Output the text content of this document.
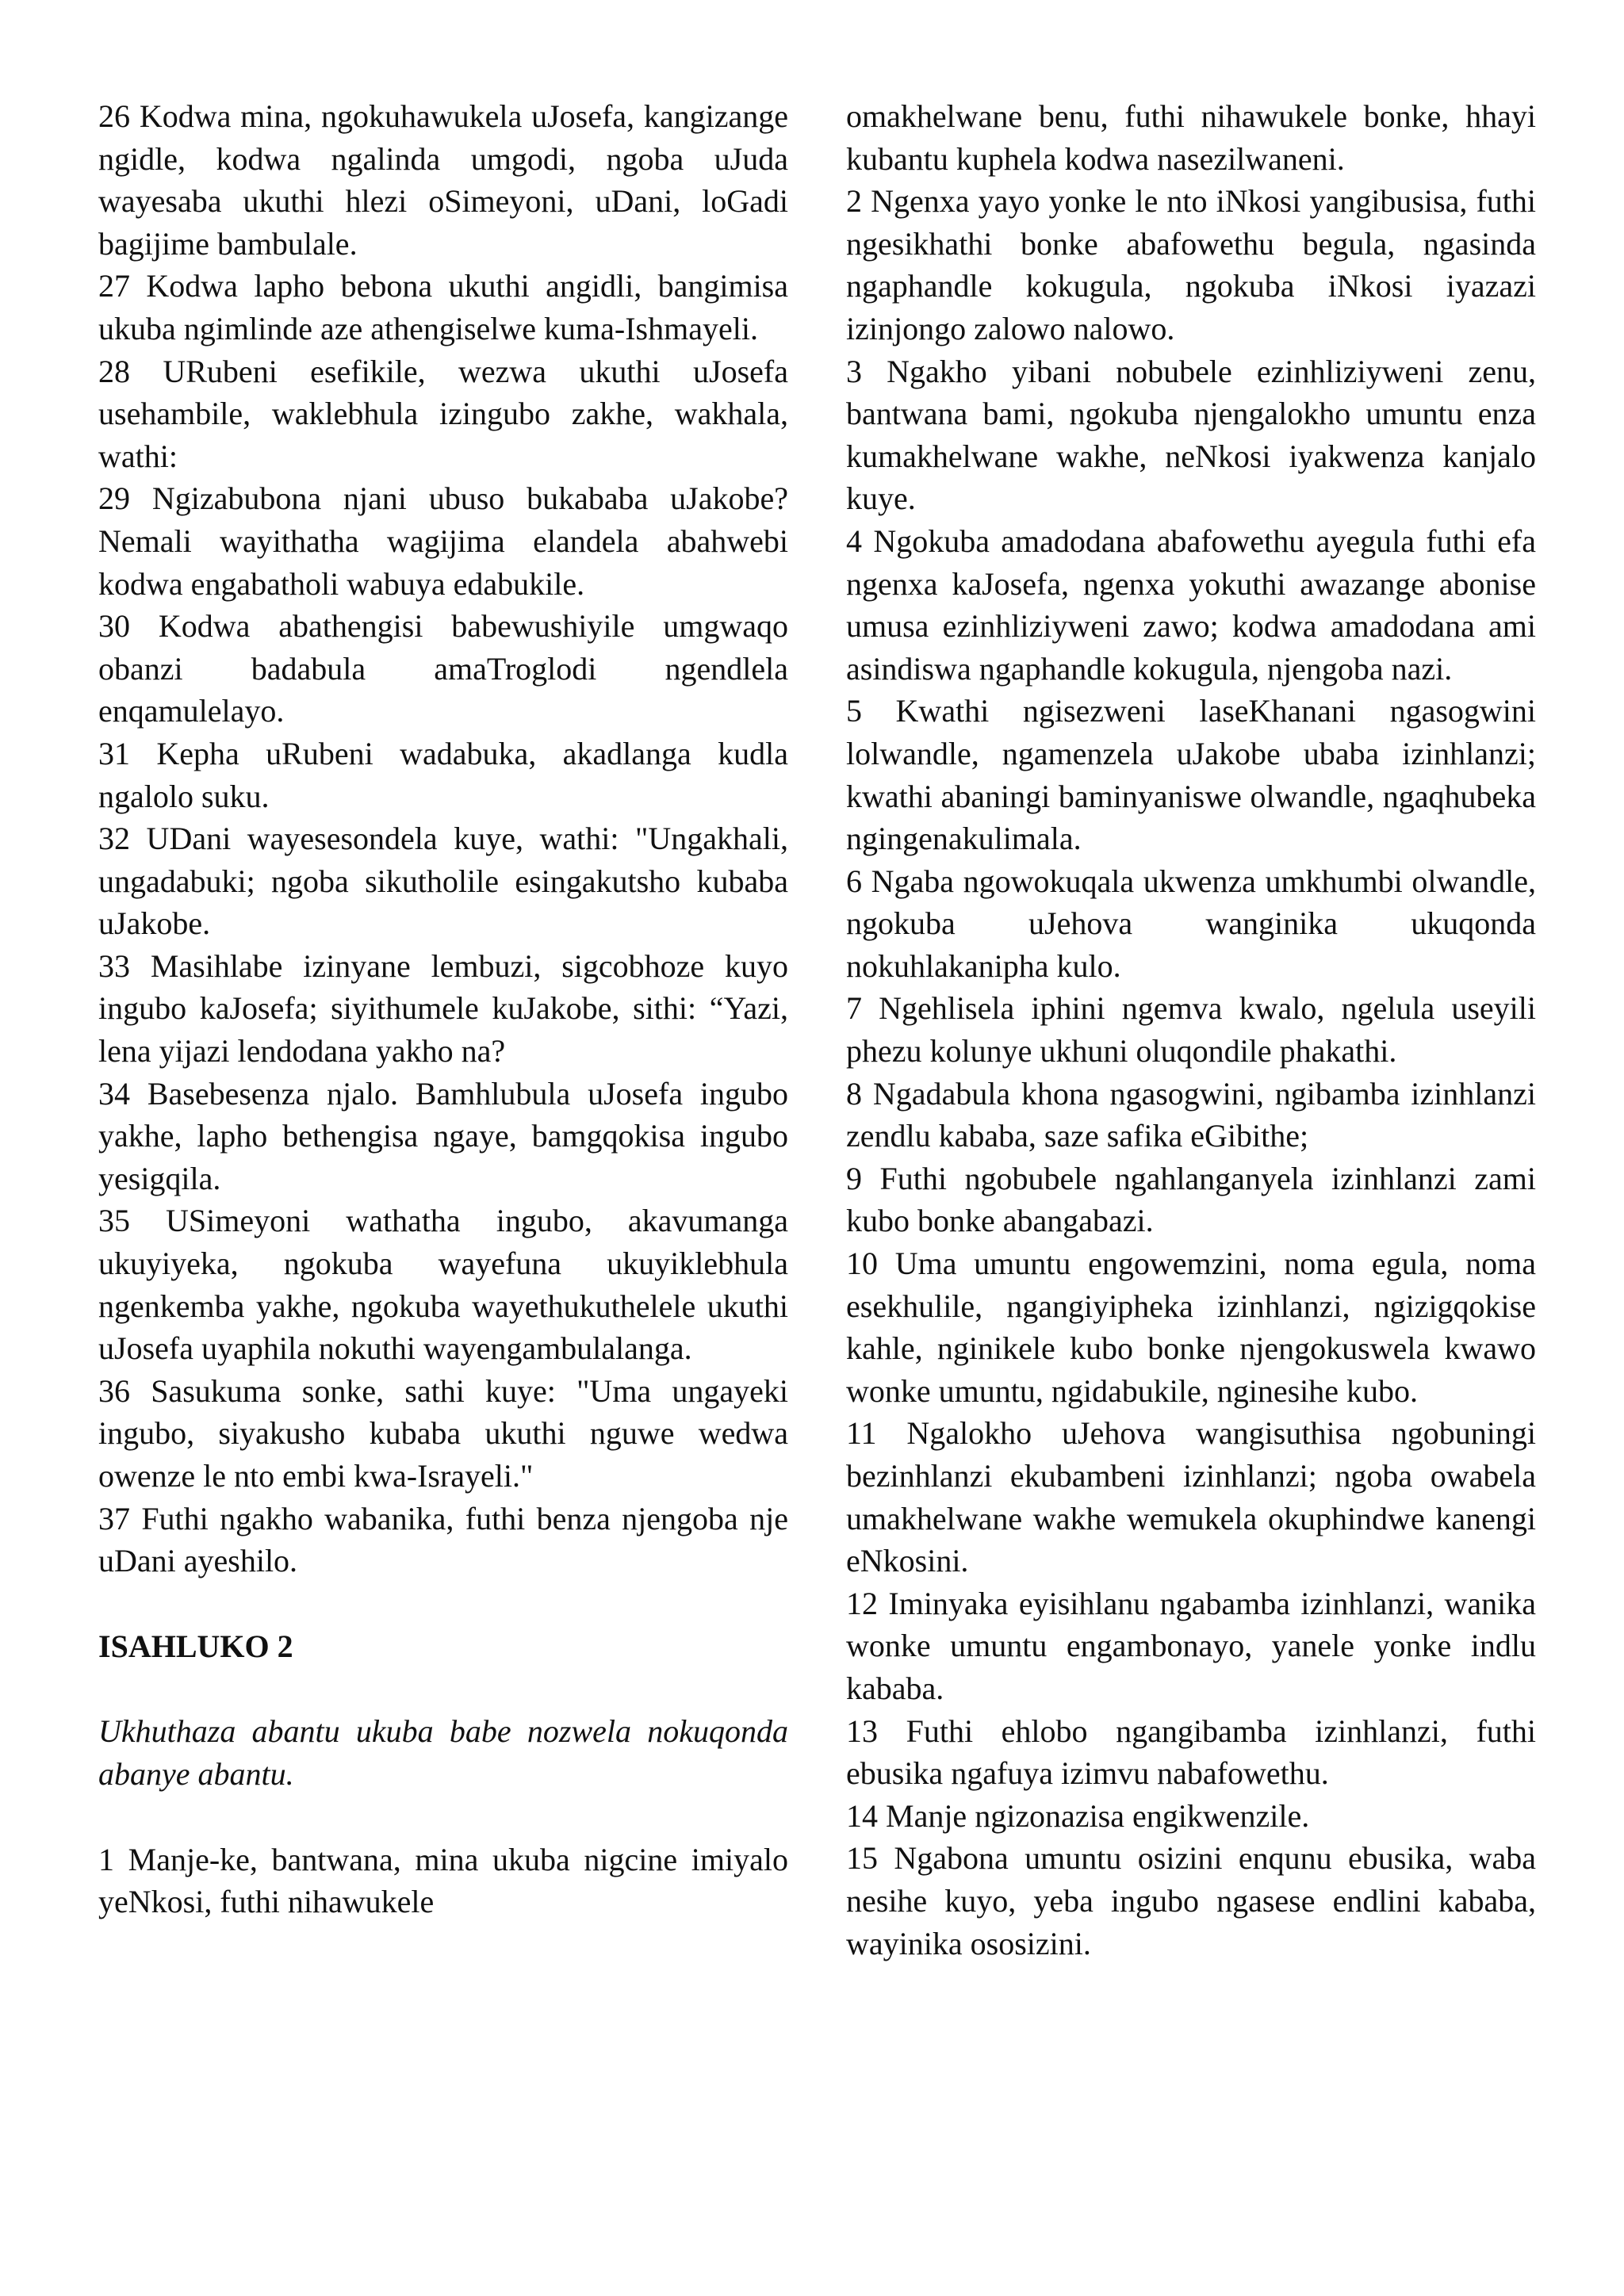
26 Kodwa mina, ngokuhawukela uJosefa, kangizange ngidle, kodwa ngalinda umgodi, ngoba uJuda wayesaba ukuthi hlezi oSimeyoni, uDani, loGadi bagijime bambulale.

27 Kodwa lapho bebona ukuthi angidli, bangimisa ukuba ngimlinde aze athengiselwe kuma-Ishmayeli.

28 URubeni esefikile, wezwa ukuthi uJosefa usehambile, waklebhula izingubo zakhe, wakhala, wathi:

29 Ngizabubona njani ubuso bukababa uJakobe? Nemali wayithatha wagijima elandela abahwebi kodwa engabatholi wabuya edabukile.

30 Kodwa abathengisi babewushiyile umgwaqo obanzi badabula amaTroglodi ngendlela enqamulelayo.

31 Kepha uRubeni wadabuka, akadlanga kudla ngalolo suku.

32 UDani wayesesondela kuye, wathi: "Ungakhali, ungadabuki; ngoba sikutholile esingakutsho kubaba uJakobe.

33 Masihlabe izinyane lembuzi, sigcobhoze kuyo ingubo kaJosefa; siyithumele kuJakobe, sithi: “Yazi, lena yijazi lendodana yakho na?

34 Basebesenza njalo. Bamhlubula uJosefa ingubo yakhe, lapho bethengisa ngaye, bamgqokisa ingubo yesigqila.

35 USimeyoni wathatha ingubo, akavumanga ukuyiyeka, ngokuba wayefuna ukuyiklebhula ngenkemba yakhe, ngokuba wayethukuthelele ukuthi uJosefa uyaphila nokuthi wayengambulalanga.

36 Sasukuma sonke, sathi kuye: "Uma ungayeki ingubo, siyakusho kubaba ukuthi nguwe wedwa owenze le nto embi kwa-Israyeli."

37 Futhi ngakho wabanika, futhi benza njengoba nje uDani ayeshilo.

ISAHLUKO 2
Ukhuthaza abantu ukuba babe nozwela nokuqonda abanye abantu.

1 Manje-ke, bantwana, mina ukuba nigcine imiyalo yeNkosi, futhi nihawukele

omakhelwane benu, futhi nihawukele bonke, hhayi kubantu kuphela kodwa nasezilwaneni.

2 Ngenxa yayo yonke le nto iNkosi yangibusisa, futhi ngesikhathi bonke abafowethu begula, ngasinda ngaphandle kokugula, ngokuba iNkosi iyazazi izinjongo zalowo nalowo.

3 Ngakho yibani nobubele ezinhliziyweni zenu, bantwana bami, ngokuba njengalokho umuntu enza kumakhelwane wakhe, neNkosi iyakwenza kanjalo kuye.

4 Ngokuba amadodana abafowethu ayegula futhi efa ngenxa kaJosefa, ngenxa yokuthi awazange abonise umusa ezinhliziyweni zawo; kodwa amadodana ami asindiswa ngaphandle kokugula, njengoba nazi.

5 Kwathi ngisezweni laseKhanani ngasogwini lolwandle, ngamenzela uJakobe ubaba izinhlanzi; kwathi abaningi baminyaniswe olwandle, ngaqhubeka ngingenakulimala.

6 Ngaba ngowokuqala ukwenza umkhumbi olwandle, ngokuba uJehova wanginika ukuqonda nokuhlakanipha kulo.

7 Ngehlisela iphini ngemva kwalo, ngelula useyili phezu kolunye ukhuni oluqondile phakathi.

8 Ngadabula khona ngasogwini, ngibamba izinhlanzi zendlu kababa, saze safika eGibithe;

9 Futhi ngobubele ngahlanganyela izinhlanzi zami kubo bonke abangabazi.

10 Uma umuntu engowemzini, noma egula, noma esekhulile, ngangiyipheka izinhlanzi, ngizigqokise kahle, nginikele kubo bonke njengokuswela kwawo wonke umuntu, ngidabukile, nginesihe kubo.

11 Ngalokho uJehova wangisuthisa ngobuningi bezinhlanzi ekubambeni izinhlanzi; ngoba owabela umakhelwane wakhe wemukela okuphindwe kanengi eNkosini.

12 Iminyaka eyisihlanu ngabamba izinhlanzi, wanika wonke umuntu engambonayo, yanele yonke indlu kababa.

13 Futhi ehlobo ngangibamba izinhlanzi, futhi ebusika ngafuya izimvu nabafowethu.

14 Manje ngizonazisa engikwenzile.

15 Ngabona umuntu osizini enqunu ebusika, waba nesihe kuyo, yeba ingubo ngasese endlini kababa, wayinika ososizini.
